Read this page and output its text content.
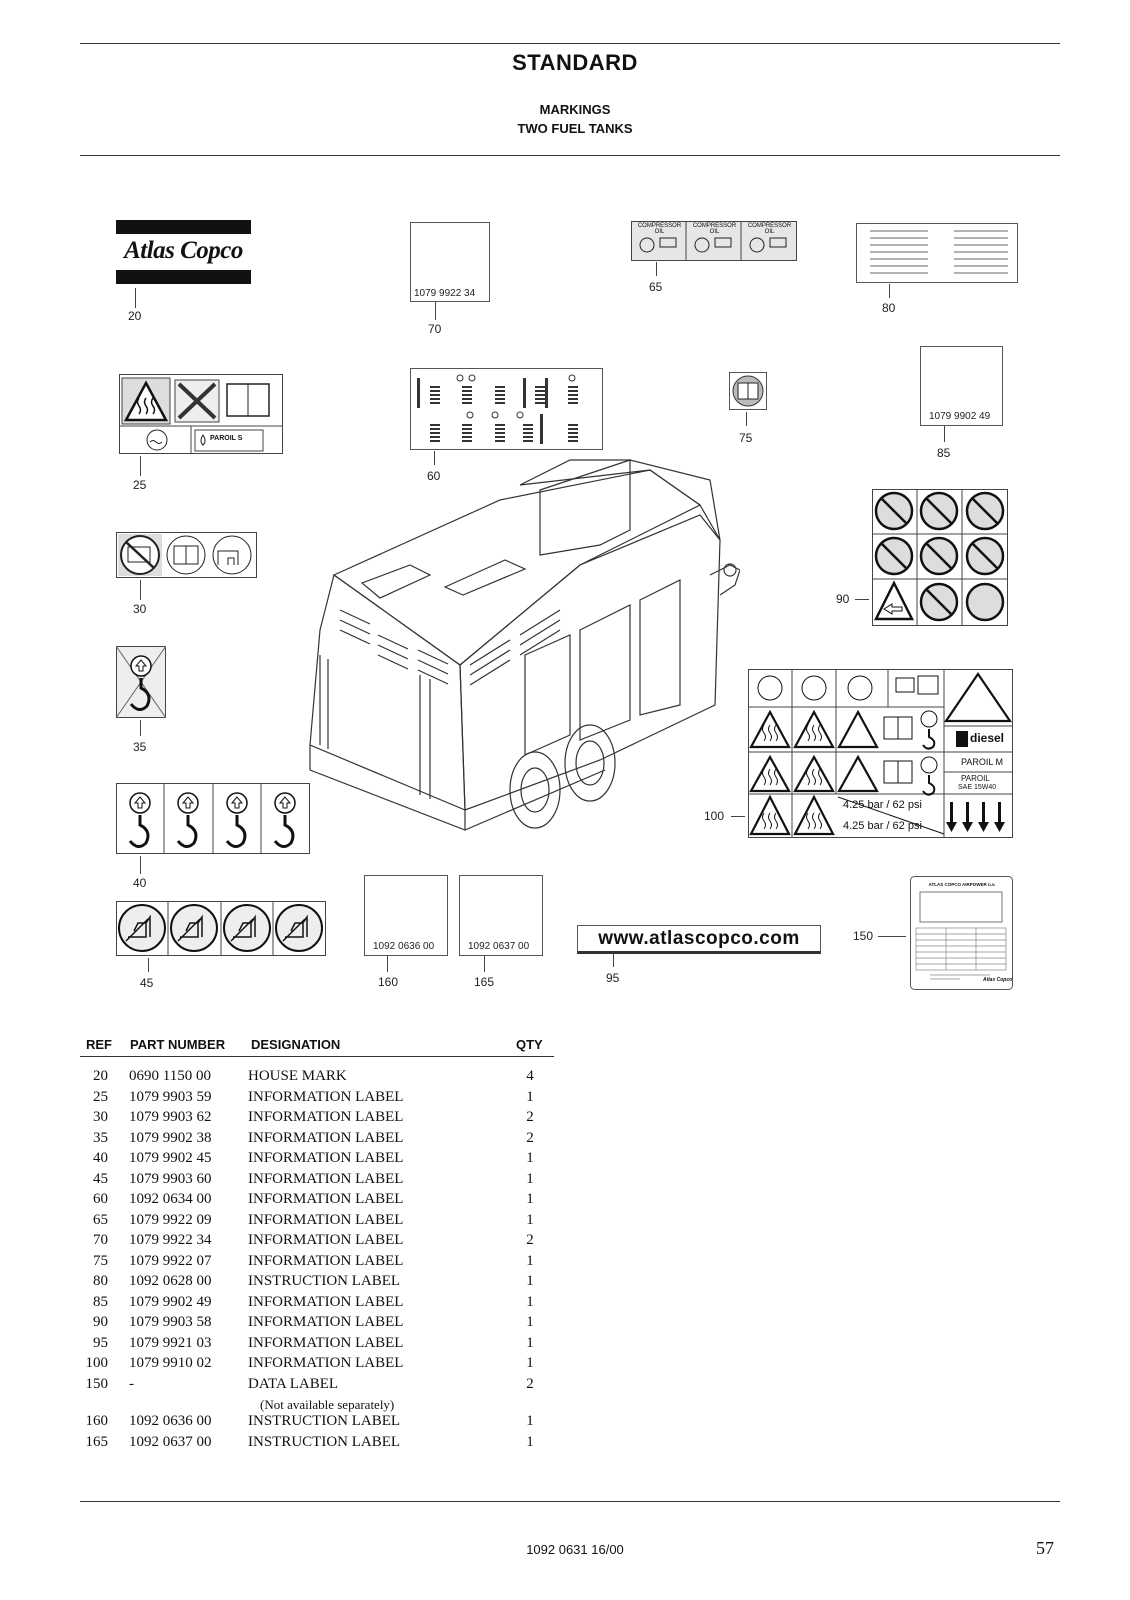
STANDARD
MARKINGS
TWO FUEL TANKS
Atlas Copco
20
1079 9922 34
70
COMPRESSOR OIL
COMPRESSOR OIL
COMPRESSOR OIL
65
80
1079 9902 49
85
PAROIL S
25
60
75
30
90
35
diesel
PAROIL M
PAROIL
SAE 15W40
4.25 bar / 62 psi
4.25 bar / 62 psi
100
40
45
1092 0636 00
160
1092 0637 00
165
www.atlascopco.com
95
ATLAS COPCO AIRPOWER n.v.
Atlas Copco
150
REF PART NUMBER DESIGNATION	QTY
20 0690 1150 00 HOUSE MARK	4
25 1079 9903 59 INFORMATION LABEL	1
30 1079 9903 62 INFORMATION LABEL	2
35 1079 9902 38 INFORMATION LABEL	2
40 1079 9902 45 INFORMATION LABEL	1
45 1079 9903 60 INFORMATION LABEL	1
60 1092 0634 00 INFORMATION LABEL	1
65 1079 9922 09 INFORMATION LABEL	1
70 1079 9922 34 INFORMATION LABEL	2
75 1079 9922 07 INFORMATION LABEL	1
80 1092 0628 00 INSTRUCTION LABEL	1
85 1079 9902 49 INFORMATION LABEL	1
90 1079 9903 58 INFORMATION LABEL	1
95 1079 9921 03 INFORMATION LABEL	1
100 1079 9910 02 INFORMATION LABEL	1
150 -	DATA LABEL	2
(Not available separately)
160 1092 0636 00 INSTRUCTION LABEL	1
165 1092 0637 00 INSTRUCTION LABEL	1
1092 0631 16/00	57
